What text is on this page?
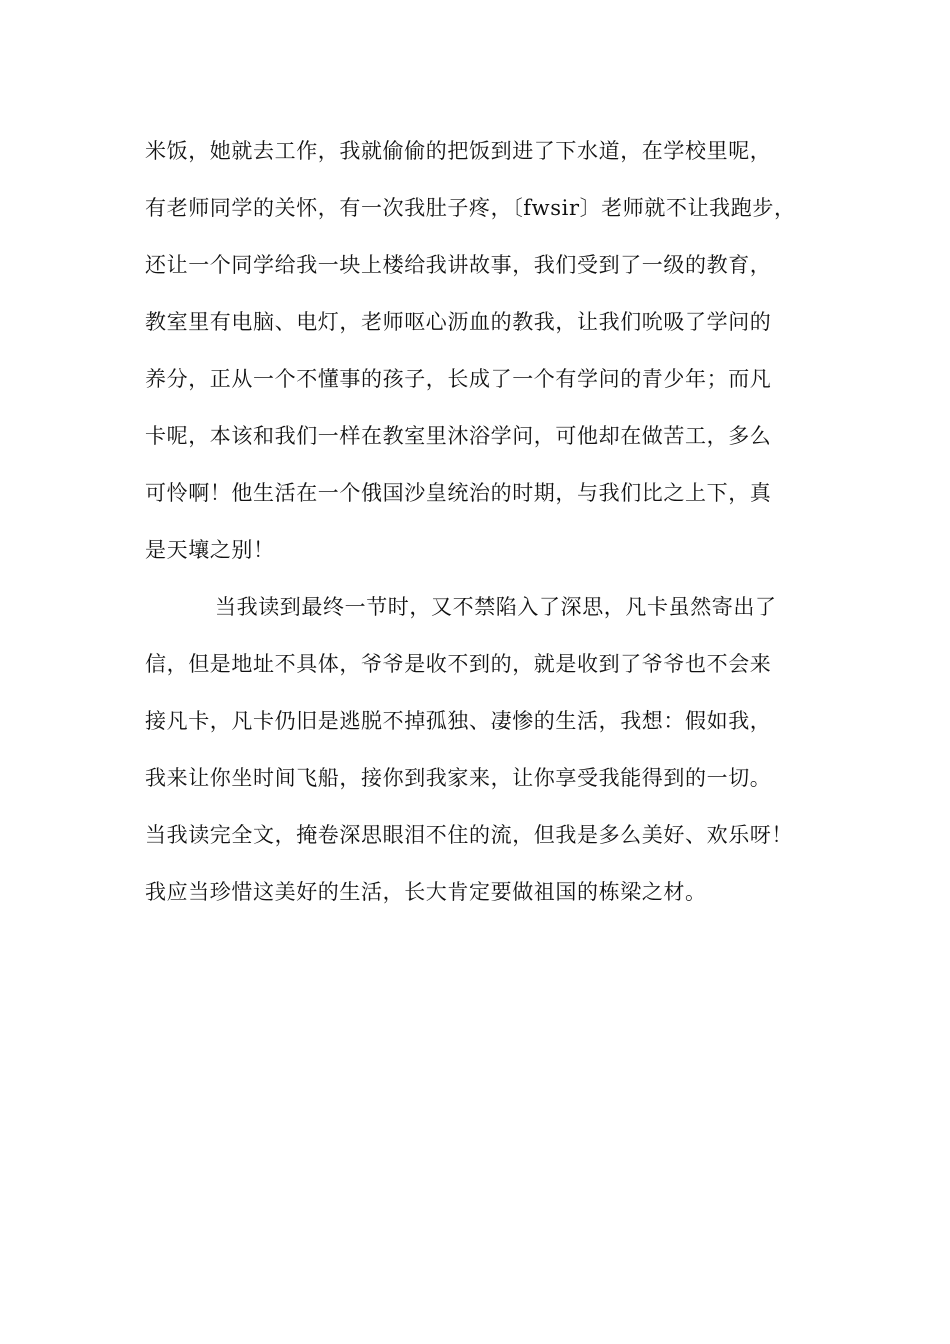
米饭，她就去工作，我就偷偷的把饭到进了下水道，在学校里呢，
有老师同学的关怀，有一次我肚子疼，〔fwsir〕老师就不让我跑步，
还让一个同学给我一块上楼给我讲故事，我们受到了一级的教育，
教室里有电脑、电灯，老师呕心沥血的教我，让我们吮吸了学问的
养分，正从一个不懂事的孩子，长成了一个有学问的青少年；而凡
卡呢，本该和我们一样在教室里沐浴学问，可他却在做苦工，多么
可怜啊！他生活在一个俄国沙皇统治的时期，与我们比之上下，真
是天壤之别！
当我读到最终一节时，又不禁陷入了深思，凡卡虽然寄出了
信，但是地址不具体，爷爷是收不到的，就是收到了爷爷也不会来
接凡卡，凡卡仍旧是逃脱不掉孤独、凄惨的生活，我想：假如我，
我来让你坐时间飞船，接你到我家来，让你享受我能得到的一切。
当我读完全文，掩卷深思眼泪不住的流，但我是多么美好、欢乐呀！
我应当珍惜这美好的生活，长大肯定要做祖国的栋梁之材。
